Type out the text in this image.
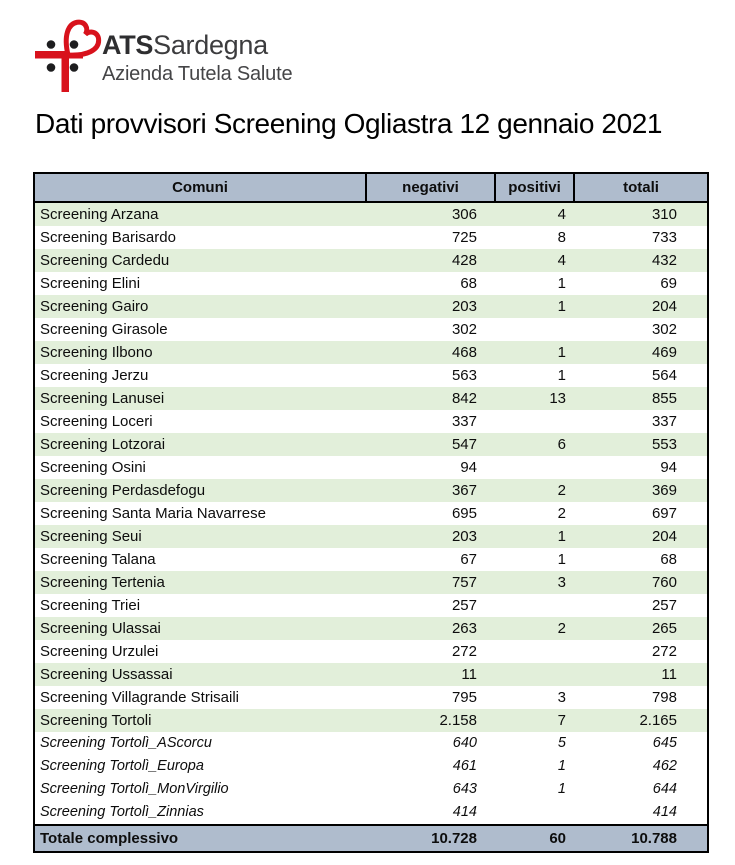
ATSSardegna
Azienda Tutela Salute
Dati provvisori Screening Ogliastra 12 gennaio 2021
Comuni	negativi	positivi	totali
Screening Arzana	306	4	310
Screening Barisardo	725	8	733
Screening Cardedu	428	4	432
Screening Elini	68	1	69
Screening Gairo	203	1	204
Screening Girasole	302		302
Screening Ilbono	468	1	469
Screening Jerzu	563	1	564
Screening Lanusei	842	13	855
Screening Loceri	337		337
Screening Lotzorai	547	6	553
Screening Osini	94		94
Screening Perdasdefogu	367	2	369
Screening Santa Maria Navarrese	695	2	697
Screening Seui	203	1	204
Screening Talana	67	1	68
Screening Tertenia	757	3	760
Screening Triei	257		257
Screening Ulassai	263	2	265
Screening Urzulei	272		272
Screening Ussassai	11		11
Screening Villagrande Strisaili	795	3	798
Screening Tortoli	2.158	7	2.165
Screening Tortolì_AScorcu	640	5	645
Screening Tortolì_Europa	461	1	462
Screening Tortolì_MonVirgilio	643	1	644
Screening Tortolì_Zinnias	414		414
Totale complessivo	10.728	60	10.788
